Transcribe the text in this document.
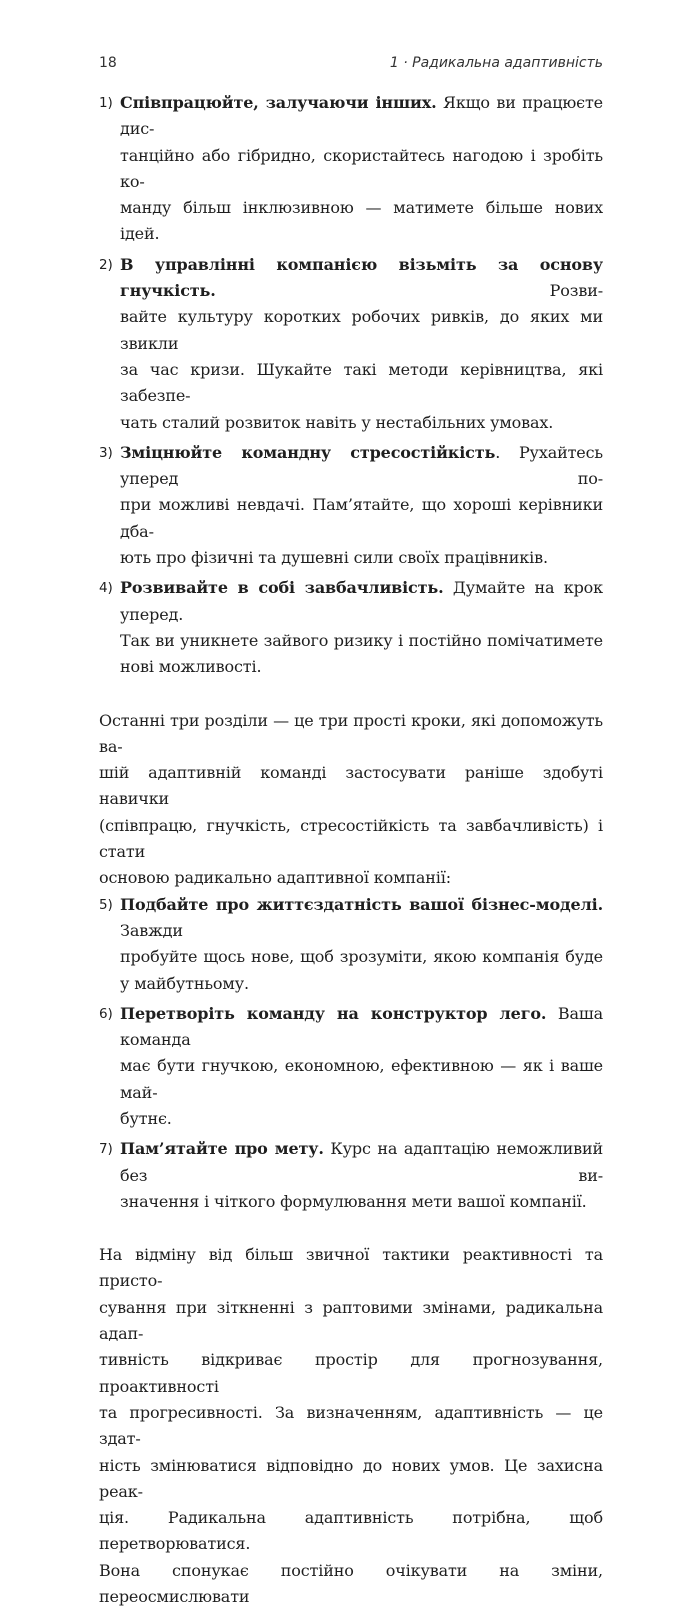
18	1 · Радикальна адаптивність
1) Співпрацюйте, залучаючи інших. Якщо ви працюєте дис-
танційно або гібридно, скористайтесь нагодою і зробіть ко-
манду більш інклюзивною — матимете більше нових ідей.
2) В управлінні компанією візьміть за основу гнучкість. Розви-
вайте культуру коротких робочих ривків, до яких ми звикли
за час кризи. Шукайте такі методи керівництва, які забезпе-
чать сталий розвиток навіть у нестабільних умовах.
3) Зміцнюйте командну стресостійкість. Рухайтесь уперед по-
при можливі невдачі. Пам’ятайте, що хороші керівники дба-
ють про фізичні та душевні сили своїх працівників.
4) Розвивайте в собі завбачливість. Думайте на крок уперед.
Так ви уникнете зайвого ризику і постійно помічатимете
нові можливості.
Останні три розділи — це три прості кроки, які допоможуть ва-
шій адаптивній команді застосувати раніше здобуті навички
(співпрацю, гнучкість, стресостійкість та завбачливість) і стати
основою радикально адаптивної компанії:
5) Подбайте про життєздатність вашої бізнес-моделі. Завжди
пробуйте щось нове, щоб зрозуміти, якою компанія буде
у майбутньому.
6) Перетворіть команду на конструктор лего. Ваша команда
має бути гнучкою, економною, ефективною — як і ваше май-
бутнє.
7) Пам’ятайте про мету. Курс на адаптацію неможливий без ви-
значення і чіткого формулювання мети вашої компанії.
На відміну від більш звичної тактики реактивності та присто-
сування при зіткненні з раптовими змінами, радикальна адап-
тивність відкриває простір для прогнозування, проактивності
та прогресивності. За визначенням, адаптивність — це здат-
ність змінюватися відповідно до нових умов. Це захисна реак-
ція. Радикальна адаптивність потрібна, щоб перетворюватися.
Вона спонукає постійно очікувати на зміни, переосмислювати
